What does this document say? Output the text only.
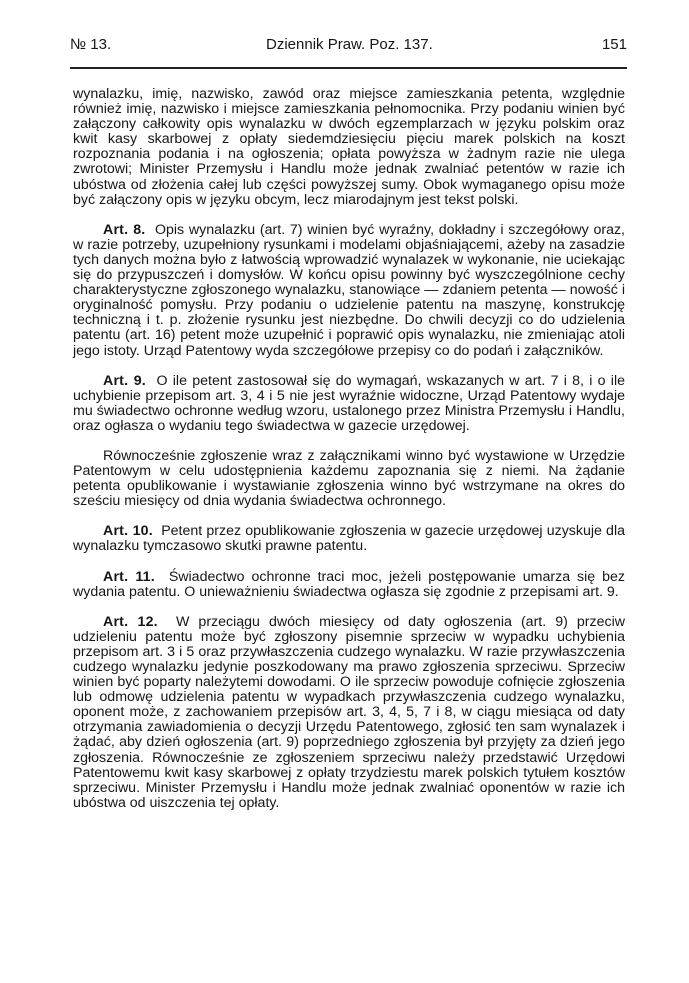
№ 13.	Dziennik Praw. Poz. 137.	151

wynalazku, imię, nazwisko, zawód oraz miejsce zamieszkania petenta, względnie również imię, nazwisko i miejsce zamieszkania pełnomocnika. Przy podaniu winien być załączony całkowity opis wynalazku w dwóch egzemplarzach w języku polskim oraz kwit kasy skarbowej z opłaty siedemdziesięciu pięciu marek polskich na koszt rozpoznania podania i na ogłoszenia; opłata powyższa w żadnym razie nie ulega zwrotowi; Minister Przemysłu i Handlu może jednak zwalniać petentów w razie ich ubóstwa od złożenia całej lub części powyższej sumy. Obok wymaganego opisu może być załączony opis w języku obcym, lecz miarodajnym jest tekst polski.

Art. 8. Opis wynalazku (art. 7) winien być wyraźny, dokładny i szczegółowy oraz, w razie potrzeby, uzupełniony rysunkami i modelami objaśniającemi, ażeby na zasadzie tych danych można było z łatwością wprowadzić wynalazek w wykonanie, nie uciekając się do przypuszczeń i domysłów. W końcu opisu powinny być wyszczególnione cechy charakterystyczne zgłoszonego wynalazku, stanowiące — zdaniem petenta — nowość i oryginalność pomysłu. Przy podaniu o udzielenie patentu na maszynę, konstrukcję techniczną i t. p. złożenie rysunku jest niezbędne. Do chwili decyzji co do udzielenia patentu (art. 16) petent może uzupełnić i poprawić opis wynalazku, nie zmieniając atoli jego istoty. Urząd Patentowy wyda szczegółowe przepisy co do podań i załączników.

Art. 9. O ile petent zastosował się do wymagań, wskazanych w art. 7 i 8, i o ile uchybienie przepisom art. 3, 4 i 5 nie jest wyraźnie widoczne, Urząd Patentowy wydaje mu świadectwo ochronne według wzoru, ustalonego przez Ministra Przemysłu i Handlu, oraz ogłasza o wydaniu tego świadectwa w gazecie urzędowej.

Równocześnie zgłoszenie wraz z załącznikami winno być wystawione w Urzędzie Patentowym w celu udostępnienia każdemu zapoznania się z niemi. Na żądanie petenta opublikowanie i wystawianie zgłoszenia winno być wstrzymane na okres do sześciu miesięcy od dnia wydania świadectwa ochronnego.

Art. 10. Petent przez opublikowanie zgłoszenia w gazecie urzędowej uzyskuje dla wynalazku tymczasowo skutki prawne patentu.

Art. 11. Świadectwo ochronne traci moc, jeżeli postępowanie umarza się bez wydania patentu. O unieważnieniu świadectwa ogłasza się zgodnie z przepisami art. 9.

Art. 12. W przeciągu dwóch miesięcy od daty ogłoszenia (art. 9) przeciw udzieleniu patentu może być zgłoszony pisemnie sprzeciw w wypadku uchybienia przepisom art. 3 i 5 oraz przywłaszczenia cudzego wynalazku. W razie przywłaszczenia cudzego wynalazku jedynie poszkodowany ma prawo zgłoszenia sprzeciwu. Sprzeciw winien być poparty należytemi dowodami. O ile sprzeciw powoduje cofnięcie zgłoszenia lub odmowę udzielenia patentu w wypadkach przywłaszczenia cudzego wynalazku, oponent może, z zachowaniem przepisów art. 3, 4, 5, 7 i 8, w ciągu miesiąca od daty otrzymania zawiadomienia o decyzji Urzędu Patentowego, zgłosić ten sam wynalazek i żądać, aby dzień ogłoszenia (art. 9) poprzedniego zgłoszenia był przyjęty za dzień jego zgłoszenia. Równocześnie ze zgłoszeniem sprzeciwu należy przedstawić Urzędowi Patentowemu kwit kasy skarbowej z opłaty trzydziestu marek polskich tytułem kosztów sprzeciwu. Minister Przemysłu i Handlu może jednak zwalniać oponentów w razie ich ubóstwa od uiszczenia tej opłaty.
